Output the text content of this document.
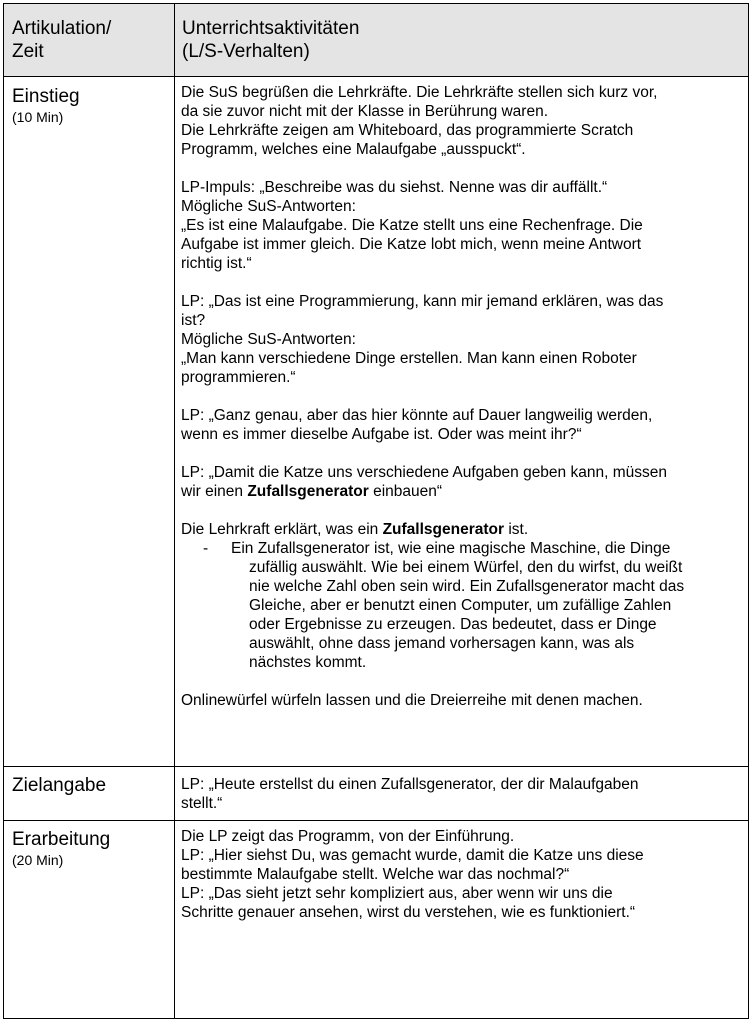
Artikulation/
Zeit
Unterrichtsaktivitäten
(L/S-Verhalten)
Einstieg
(10 Min)

Die SuS begrüßen die Lehrkräfte. Die Lehrkräfte stellen sich kurz vor,
da sie zuvor nicht mit der Klasse in Berührung waren.
Die Lehrkräfte zeigen am Whiteboard, das programmierte Scratch
Programm, welches eine Malaufgabe „ausspuckt“.

LP-Impuls: „Beschreibe was du siehst. Nenne was dir auffällt.“
Mögliche SuS-Antworten:
„Es ist eine Malaufgabe. Die Katze stellt uns eine Rechenfrage. Die
Aufgabe ist immer gleich. Die Katze lobt mich, wenn meine Antwort
richtig ist.“

LP: „Das ist eine Programmierung, kann mir jemand erklären, was das
ist?
Mögliche SuS-Antworten:
„Man kann verschiedene Dinge erstellen. Man kann einen Roboter
programmieren.“

LP: „Ganz genau, aber das hier könnte auf Dauer langweilig werden,
wenn es immer dieselbe Aufgabe ist. Oder was meint ihr?“

LP: „Damit die Katze uns verschiedene Aufgaben geben kann, müssen
wir einen Zufallsgenerator einbauen“

Die Lehrkraft erklärt, was ein Zufallsgenerator ist.

- Ein Zufallsgenerator ist, wie eine magische Maschine, die Dinge
zufällig auswählt. Wie bei einem Würfel, den du wirfst, du weißt
nie welche Zahl oben sein wird. Ein Zufallsgenerator macht das
Gleiche, aber er benutzt einen Computer, um zufällige Zahlen
oder Ergebnisse zu erzeugen. Das bedeutet, dass er Dinge
auswählt, ohne dass jemand vorhersagen kann, was als
nächstes kommt.

Onlinewürfel würfeln lassen und die Dreierreihe mit denen machen.

Zielangabe	LP: „Heute erstellst du einen Zufallsgenerator, der dir Malaufgaben
stellt.“
Erarbeitung
(20 Min)
Die LP zeigt das Programm, von der Einführung.
LP: „Hier siehst Du, was gemacht wurde, damit die Katze uns diese
bestimmte Malaufgabe stellt. Welche war das nochmal?“
LP: „Das sieht jetzt sehr kompliziert aus, aber wenn wir uns die
Schritte genauer ansehen, wirst du verstehen, wie es funktioniert.“
